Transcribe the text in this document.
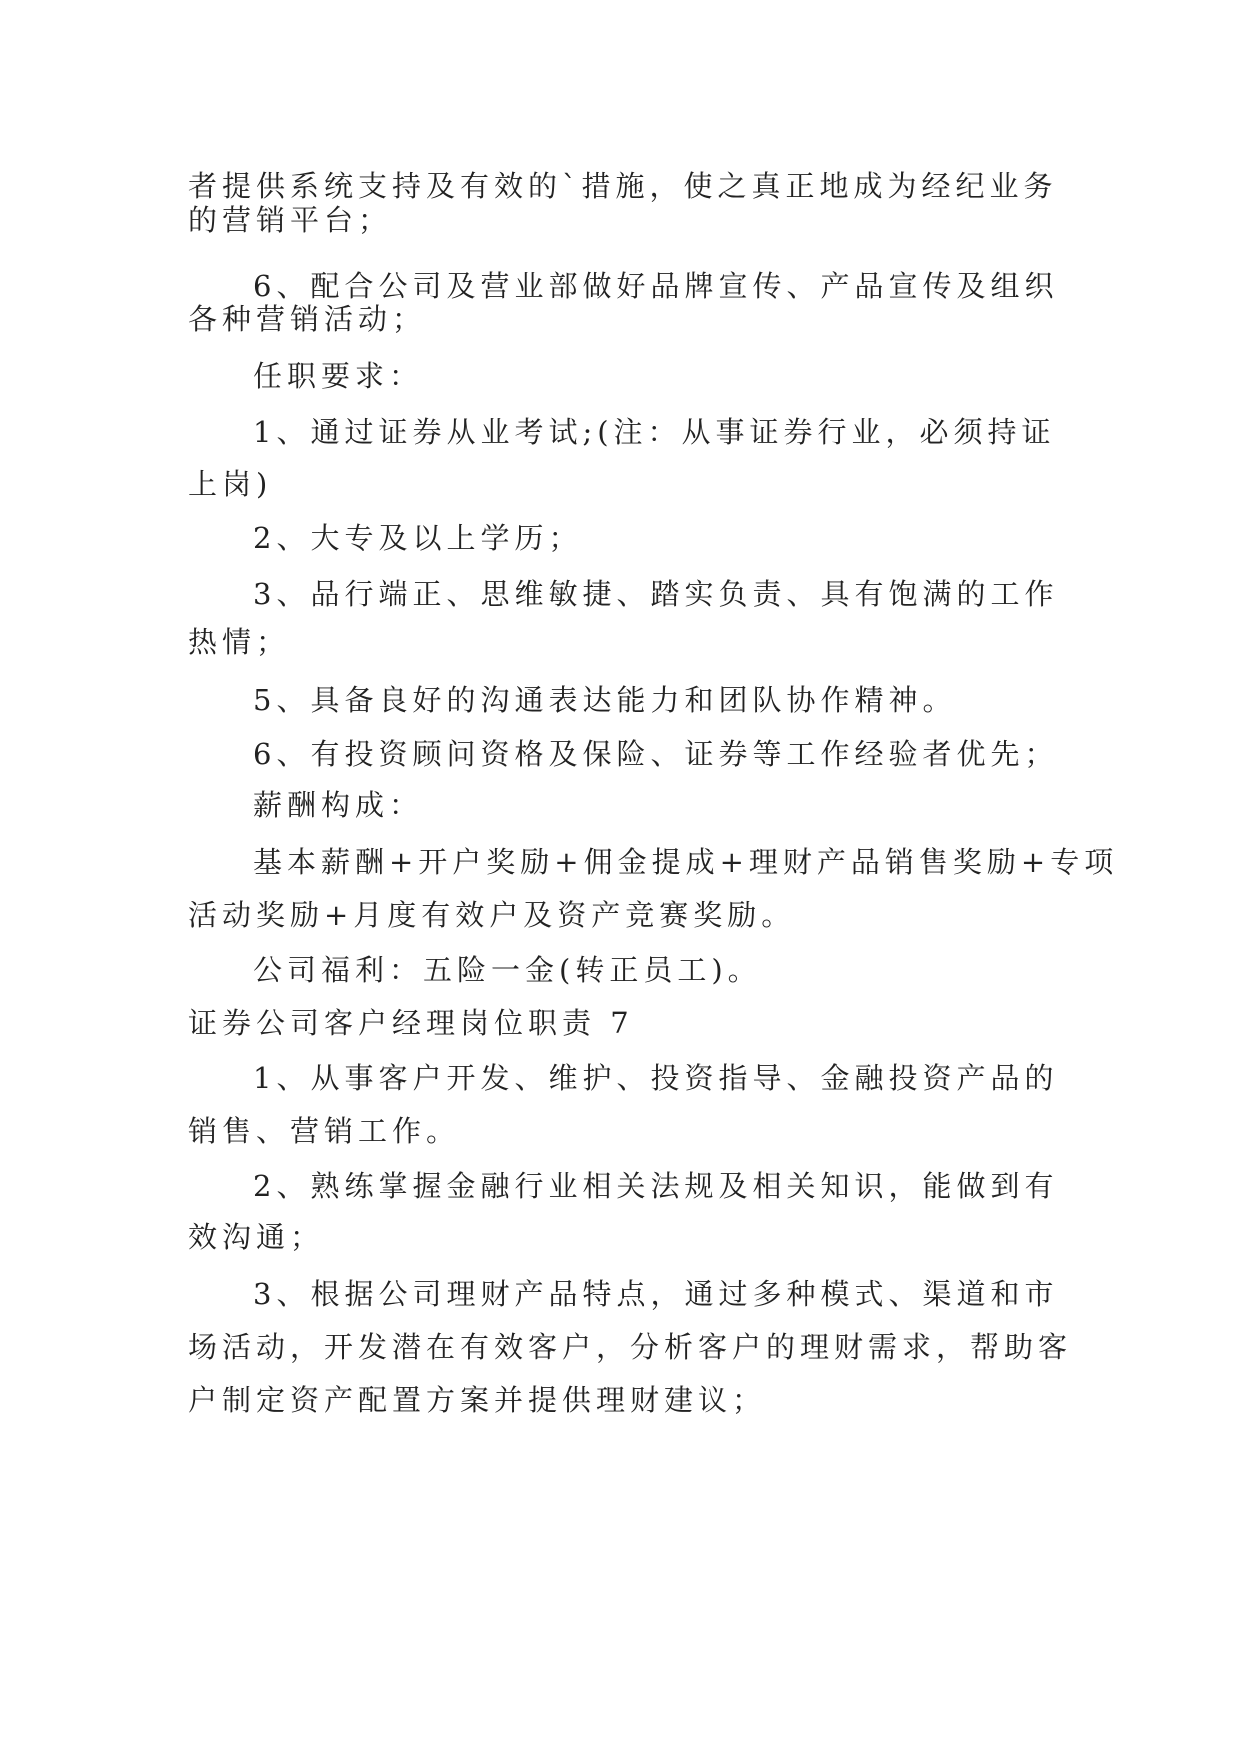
者提供系统支持及有效的`措施，使之真正地成为经纪业务
的营销平台；
6、配合公司及营业部做好品牌宣传、产品宣传及组织
各种营销活动；
任职要求：
1、通过证券从业考试;(注：从事证券行业，必须持证
上岗)
2、大专及以上学历；
3、品行端正、思维敏捷、踏实负责、具有饱满的工作
热情；
5、具备良好的沟通表达能力和团队协作精神。
6、有投资顾问资格及保险、证券等工作经验者优先；
薪酬构成：
基本薪酬+开户奖励+佣金提成+理财产品销售奖励+专项
活动奖励+月度有效户及资产竞赛奖励。
公司福利：五险一金(转正员工)。
证券公司客户经理岗位职责 7
1、从事客户开发、维护、投资指导、金融投资产品的
销售、营销工作。
2、熟练掌握金融行业相关法规及相关知识，能做到有
效沟通；
3、根据公司理财产品特点，通过多种模式、渠道和市
场活动，开发潜在有效客户，分析客户的理财需求，帮助客
户制定资产配置方案并提供理财建议；
